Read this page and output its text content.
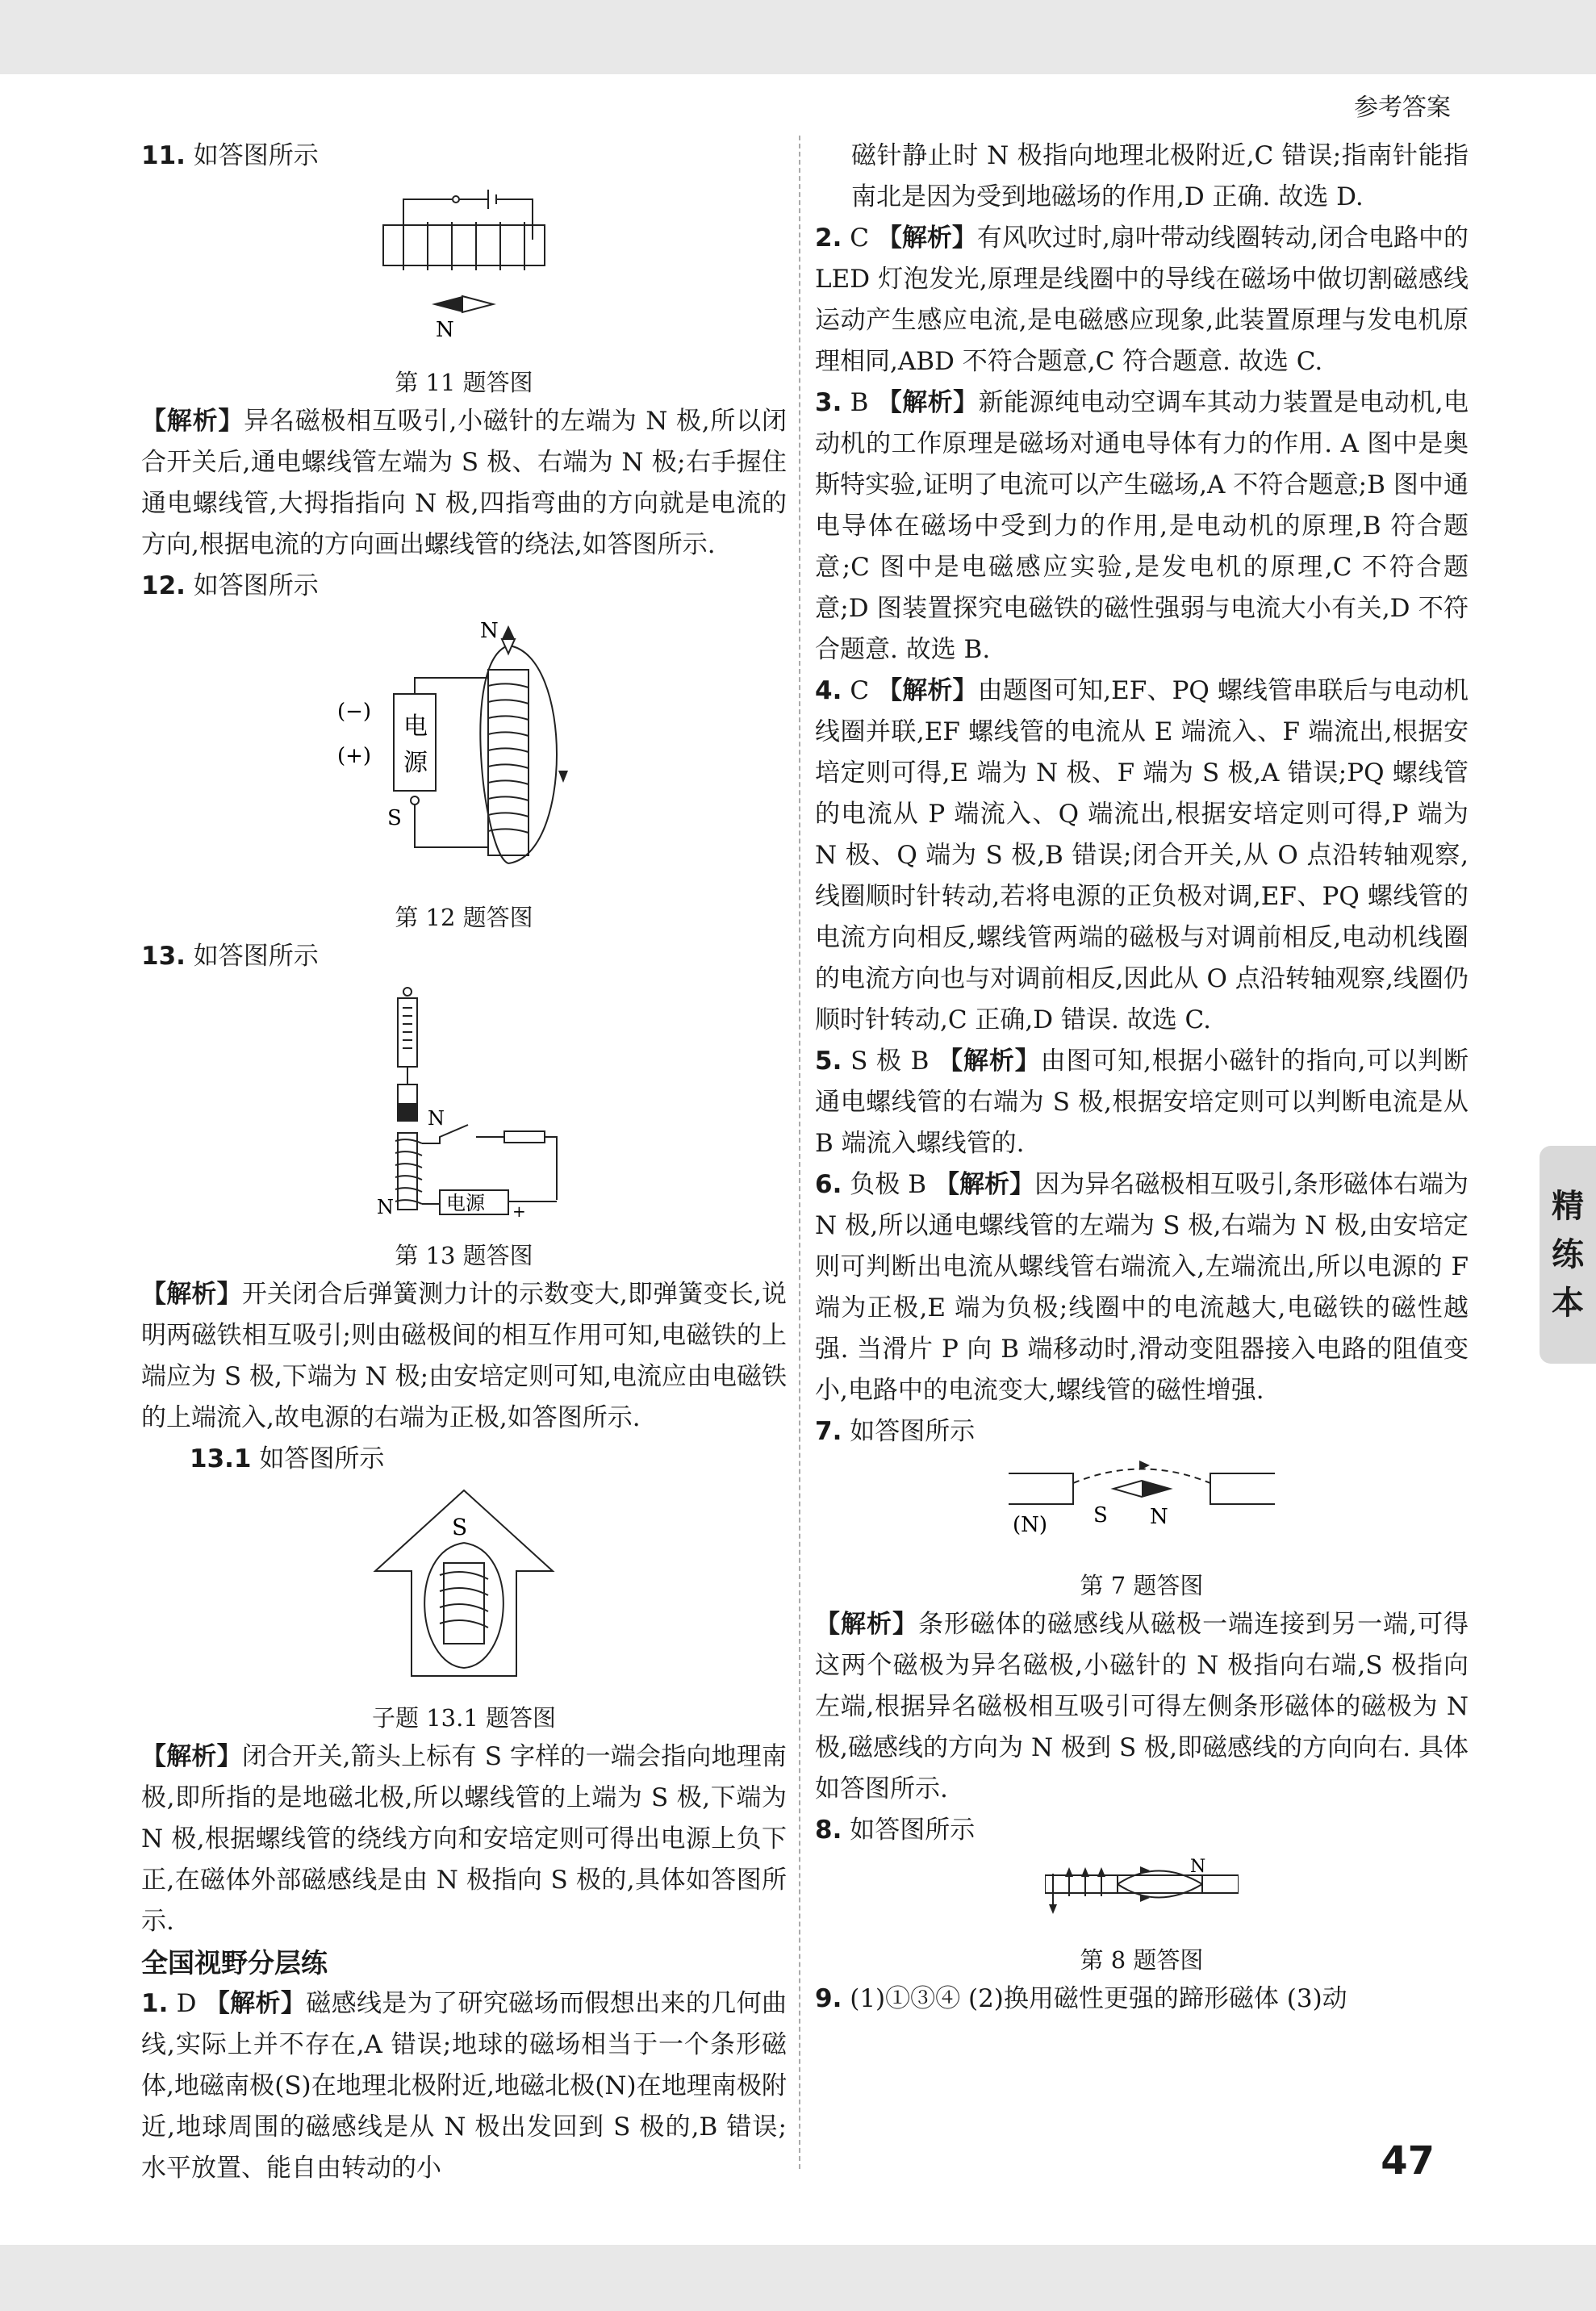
参考答案

11. 如答图所示

N
第 11 题答图

【解析】异名磁极相互吸引,小磁针的左端为 N 极,所以闭合开关后,通电螺线管左端为 S 极、右端为 N 极;右手握住通电螺线管,大拇指指向 N 极,四指弯曲的方向就是电流的方向,根据电流的方向画出螺线管的绕法,如答图所示.

12. 如答图所示

N
(−)
(+)
电
源
S
第 12 题答图

13. 如答图所示

N
N	电源 +
第 13 题答图

【解析】开关闭合后弹簧测力计的示数变大,即弹簧变长,说明两磁铁相互吸引;则由磁极间的相互作用可知,电磁铁的上端应为 S 极,下端为 N 极;由安培定则可知,电流应由电磁铁的上端流入,故电源的右端为正极,如答图所示.

13.1 如答图所示

S
子题 13.1 题答图

【解析】闭合开关,箭头上标有 S 字样的一端会指向地理南极,即所指的是地磁北极,所以螺线管的上端为 S 极,下端为 N 极,根据螺线管的绕线方向和安培定则可得出电源上负下正,在磁体外部磁感线是由 N 极指向 S 极的,具体如答图所示.

全国视野分层练

1. D 【解析】磁感线是为了研究磁场而假想出来的几何曲线,实际上并不存在,A 错误;地球的磁场相当于一个条形磁体,地磁南极(S)在地理北极附近,地磁北极(N)在地理南极附近,地球周围的磁感线是从 N 极出发回到 S 极的,B 错误;水平放置、能自由转动的小

磁针静止时 N 极指向地理北极附近,C 错误;指南针能指南北是因为受到地磁场的作用,D 正确. 故选 D.

2. C 【解析】有风吹过时,扇叶带动线圈转动,闭合电路中的 LED 灯泡发光,原理是线圈中的导线在磁场中做切割磁感线运动产生感应电流,是电磁感应现象,此装置原理与发电机原理相同,ABD 不符合题意,C 符合题意. 故选 C.

3. B 【解析】新能源纯电动空调车其动力装置是电动机,电动机的工作原理是磁场对通电导体有力的作用. A 图中是奥斯特实验,证明了电流可以产生磁场,A 不符合题意;B 图中通电导体在磁场中受到力的作用,是电动机的原理,B 符合题意;C 图中是电磁感应实验,是发电机的原理,C 不符合题意;D 图装置探究电磁铁的磁性强弱与电流大小有关,D 不符合题意. 故选 B.

4. C 【解析】由题图可知,EF、PQ 螺线管串联后与电动机线圈并联,EF 螺线管的电流从 E 端流入、F 端流出,根据安培定则可得,E 端为 N 极、F 端为 S 极,A 错误;PQ 螺线管的电流从 P 端流入、Q 端流出,根据安培定则可得,P 端为 N 极、Q 端为 S 极,B 错误;闭合开关,从 O 点沿转轴观察,线圈顺时针转动,若将电源的正负极对调,EF、PQ 螺线管的电流方向相反,螺线管两端的磁极与对调前相反,电动机线圈的电流方向也与对调前相反,因此从 O 点沿转轴观察,线圈仍顺时针转动,C 正确,D 错误. 故选 C.

5. S 极 B 【解析】由图可知,根据小磁针的指向,可以判断通电螺线管的右端为 S 极,根据安培定则可以判断电流是从 B 端流入螺线管的.

6. 负极 B 【解析】因为异名磁极相互吸引,条形磁体右端为 N 极,所以通电螺线管的左端为 S 极,右端为 N 极,由安培定则可判断出电流从螺线管右端流入,左端流出,所以电源的 F 端为正极,E 端为负极;线圈中的电流越大,电磁铁的磁性越强. 当滑片 P 向 B 端移动时,滑动变阻器接入电路的阻值变小,电路中的电流变大,螺线管的磁性增强.

7. 如答图所示

(N) S N
第 7 题答图

【解析】条形磁体的磁感线从磁极一端连接到另一端,可得这两个磁极为异名磁极,小磁针的 N 极指向右端,S 极指向左端,根据异名磁极相互吸引可得左侧条形磁体的磁极为 N 极,磁感线的方向为 N 极到 S 极,即磁感线的方向向右. 具体如答图所示.

8. 如答图所示

N
第 8 题答图

9. (1)①③④ (2)换用磁性更强的蹄形磁体 (3)动

精
练
本
47
